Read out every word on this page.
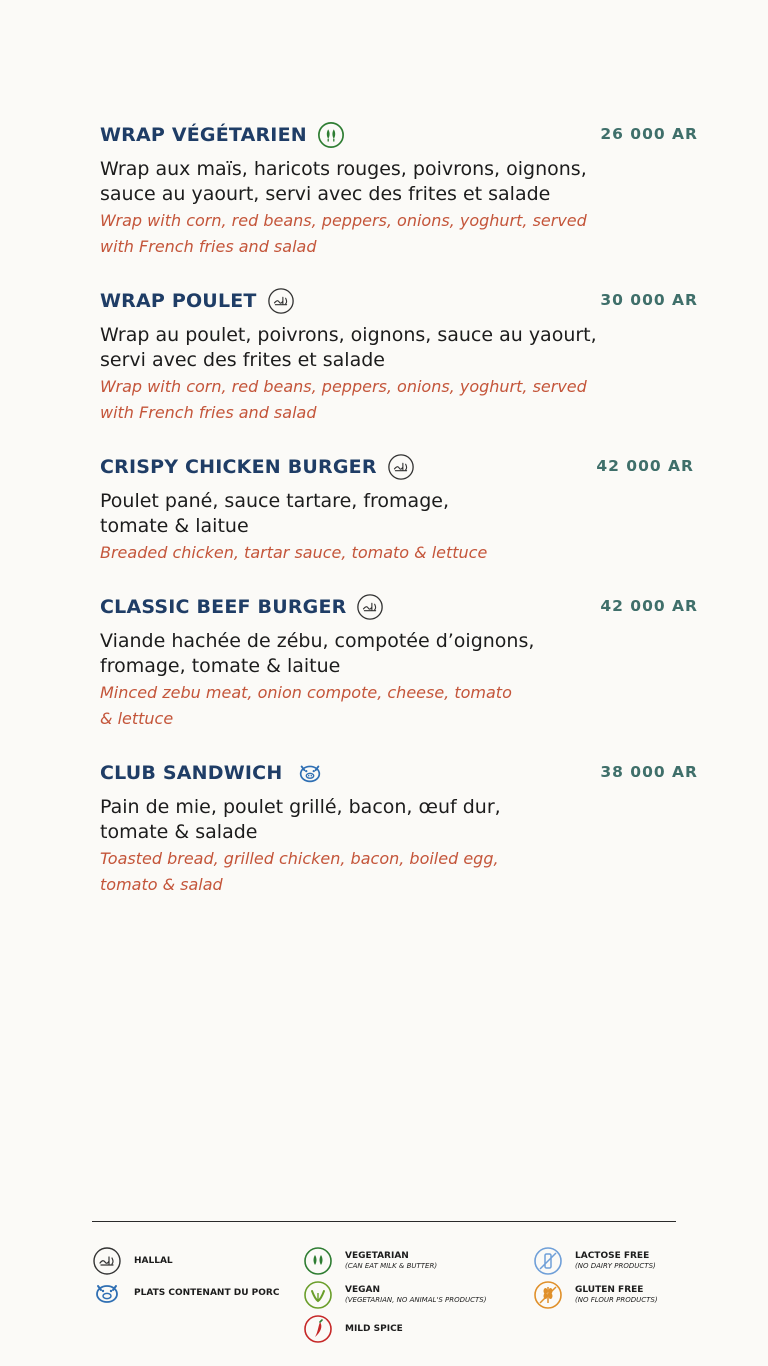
WRAP VÉGÉTARIEN	26 000 AR
Wrap aux maïs, haricots rouges, poivrons, oignons, sauce au yaourt, servi avec des frites et salade
Wrap with corn, red beans, peppers, onions, yoghurt, served with French fries and salad
WRAP POULET	30 000 AR
Wrap au poulet, poivrons, oignons, sauce au yaourt, servi avec des frites et salade
Wrap with corn, red beans, peppers, onions, yoghurt, served with French fries and salad
CRISPY CHICKEN BURGER	42 000 AR
Poulet pané, sauce tartare, fromage, tomate & laitue
Breaded chicken, tartar sauce, tomato & lettuce
CLASSIC BEEF BURGER	42 000 AR
Viande hachée de zébu, compotée d’oignons, fromage, tomate & laitue
Minced zebu meat, onion compote, cheese, tomato & lettuce
CLUB SANDWICH	38 000 AR
Pain de mie, poulet grillé, bacon, œuf dur, tomate & salade
Toasted bread, grilled chicken, bacon, boiled egg, tomato & salad
HALLAL
PLATS CONTENANT DU PORC
VEGETARIAN
(CAN EAT MILK & BUTTER)
VEGAN
(VEGETARIAN, NO ANIMAL'S PRODUCTS)
MILD SPICE
LACTOSE FREE
(NO DAIRY PRODUCTS)
GLUTEN FREE
(NO FLOUR PRODUCTS)
